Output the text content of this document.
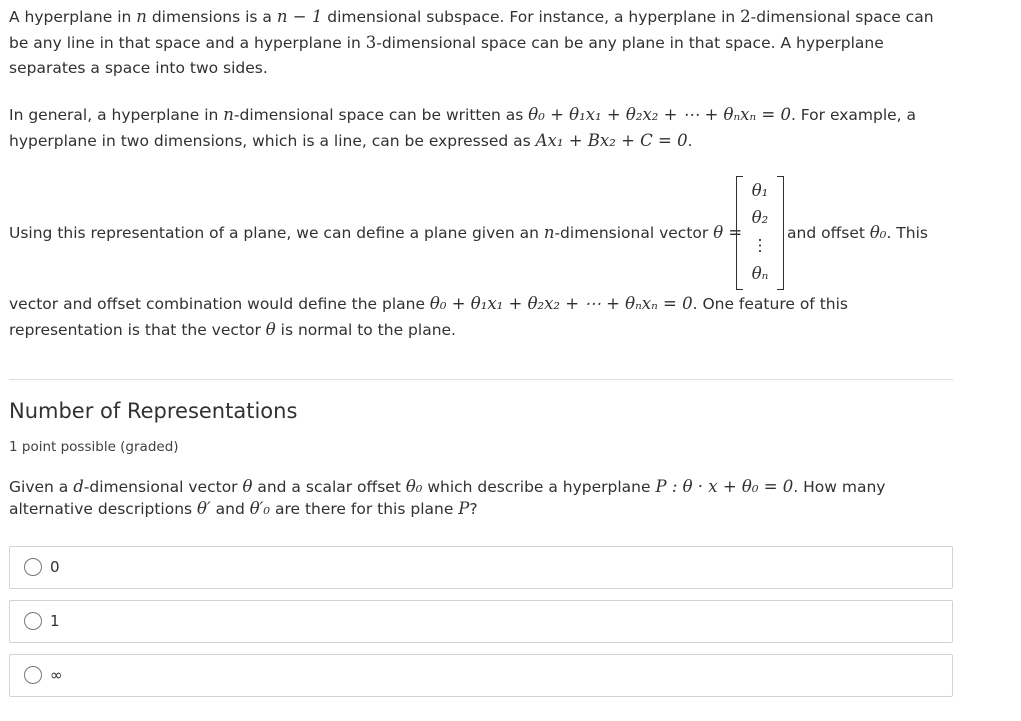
A hyperplane in n dimensions is a n − 1 dimensional subspace. For instance, a hyperplane in 2-dimensional space can be any line in that space and a hyperplane in 3-dimensional space can be any plane in that space. A hyperplane separates a space into two sides.

In general, a hyperplane in n-dimensional space can be written as θ₀ + θ₁x₁ + θ₂x₂ + ⋯ + θₙxₙ = 0. For example, a hyperplane in two dimensions, which is a line, can be expressed as Ax₁ + Bx₂ + C = 0.

Using this representation of a plane, we can define a plane given an n-dimensional vector θ =
θ₁
θ₂
⋮
θₙ
and offset θ₀. This

vector and offset combination would define the plane θ₀ + θ₁x₁ + θ₂x₂ + ⋯ + θₙxₙ = 0. One feature of this representation is that the vector θ is normal to the plane.

Number of Representations
1 point possible (graded)

Given a d-dimensional vector θ and a scalar offset θ₀ which describe a hyperplane P : θ · x + θ₀ = 0. How many alternative descriptions θ′ and θ′₀ are there for this plane P?

0
1
∞
